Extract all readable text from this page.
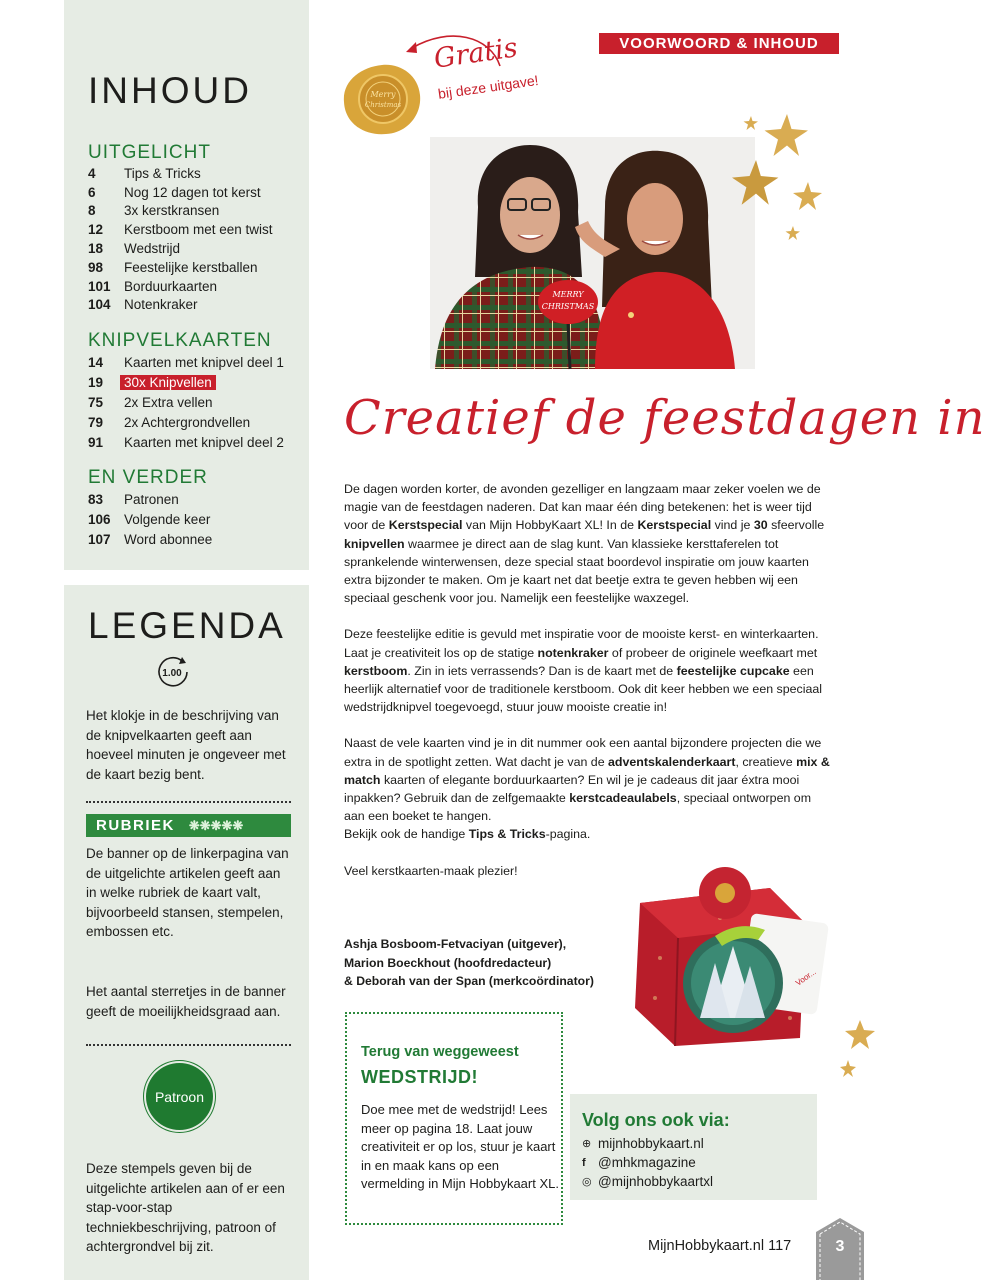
INHOUD
UITGELICHT
4	Tips & Tricks
6	Nog 12 dagen tot kerst
8	3x kerstkransen
12	Kerstboom met een twist
18	Wedstrijd
98	Feestelijke kerstballen
101 Borduurkaarten
104 Notenkraker
KNIPVELKAARTEN
14	Kaarten met knipvel deel 1
19	30x Knipvellen
75	2x Extra vellen
79	2x Achtergrondvellen
91	Kaarten met knipvel deel 2
EN VERDER
83	Patronen
106 Volgende keer
107 Word abonnee
LEGENDA
1.00
Het klokje in de beschrijving van de knipvelkaarten geeft aan hoeveel minuten je ongeveer met de kaart bezig bent.
RUBRIEK ❋❋❋❋❋
De banner op de linkerpagina van de uitgelichte artikelen geeft aan in welke rubriek de kaart valt, bijvoorbeeld stansen, stempelen, embossen etc.
Het aantal sterretjes in de banner geeft de moeilijkheidsgraad aan.
Patroon
Deze stempels geven bij de uitgelichte artikelen aan of er een stap-voor-stap techniekbeschrijving, patroon of achtergrondvel bij zit.
VOORWOORD & INHOUD
Merry
Christmas
Gratis
bij deze uitgave!
MERRY
CHRISTMAS
Creatief de feestdagen in

De dagen worden korter, de avonden gezelliger en langzaam maar zeker voelen we de magie van de feestdagen naderen. Dat kan maar één ding betekenen: het is weer tijd voor de Kerstspecial van Mijn HobbyKaart XL! In de Kerstspecial vind je 30 sfeervolle knipvellen waarmee je direct aan de slag kunt. Van klassieke kersttaferelen tot sprankelende winterwensen, deze special staat boordevol inspiratie om jouw kaarten extra bijzonder te maken. Om je kaart net dat beetje extra te geven hebben wij een speciaal geschenk voor jou. Namelijk een feestelijke waxzegel.

Deze feestelijke editie is gevuld met inspiratie voor de mooiste kerst- en winterkaarten. Laat je creativiteit los op de statige notenkraker of probeer de originele weefkaart met kerstboom. Zin in iets verrassends? Dan is de kaart met de feestelijke cupcake een heerlijk alternatief voor de traditionele kerstboom. Ook dit keer hebben we een speciaal wedstrijdknipvel toegevoegd, stuur jouw mooiste creatie in!

Naast de vele kaarten vind je in dit nummer ook een aantal bijzondere projecten die we extra in de spotlight zetten. Wat dacht je van de adventskalenderkaart, creatieve mix & match kaarten of elegante borduurkaarten? En wil je je cadeaus dit jaar éxtra mooi inpakken? Gebruik dan de zelfgemaakte kerstcadeaulabels, speciaal ontworpen om aan een boeket te hangen.
Bekijk ook de handige Tips & Tricks-pagina.

Veel kerstkaarten-maak plezier!

Ashja Bosboom-Fetvaciyan (uitgever),
Marion Boeckhout (hoofdredacteur)
& Deborah van der Span (merkcoördinator)	Voor...
Terug van weggeweest
WEDSTRIJD!
Doe mee met de wedstrijd! Lees meer op pagina 18. Laat jouw creativiteit er op los, stuur je kaart in en maak kans op een vermelding in Mijn Hobbykaart XL.
Volg ons ook via:
⊕ mijnhobbykaart.nl
f @mhkmagazine
◎ @mijnhobbykaartxl
MijnHobbykaart.nl 117	3
